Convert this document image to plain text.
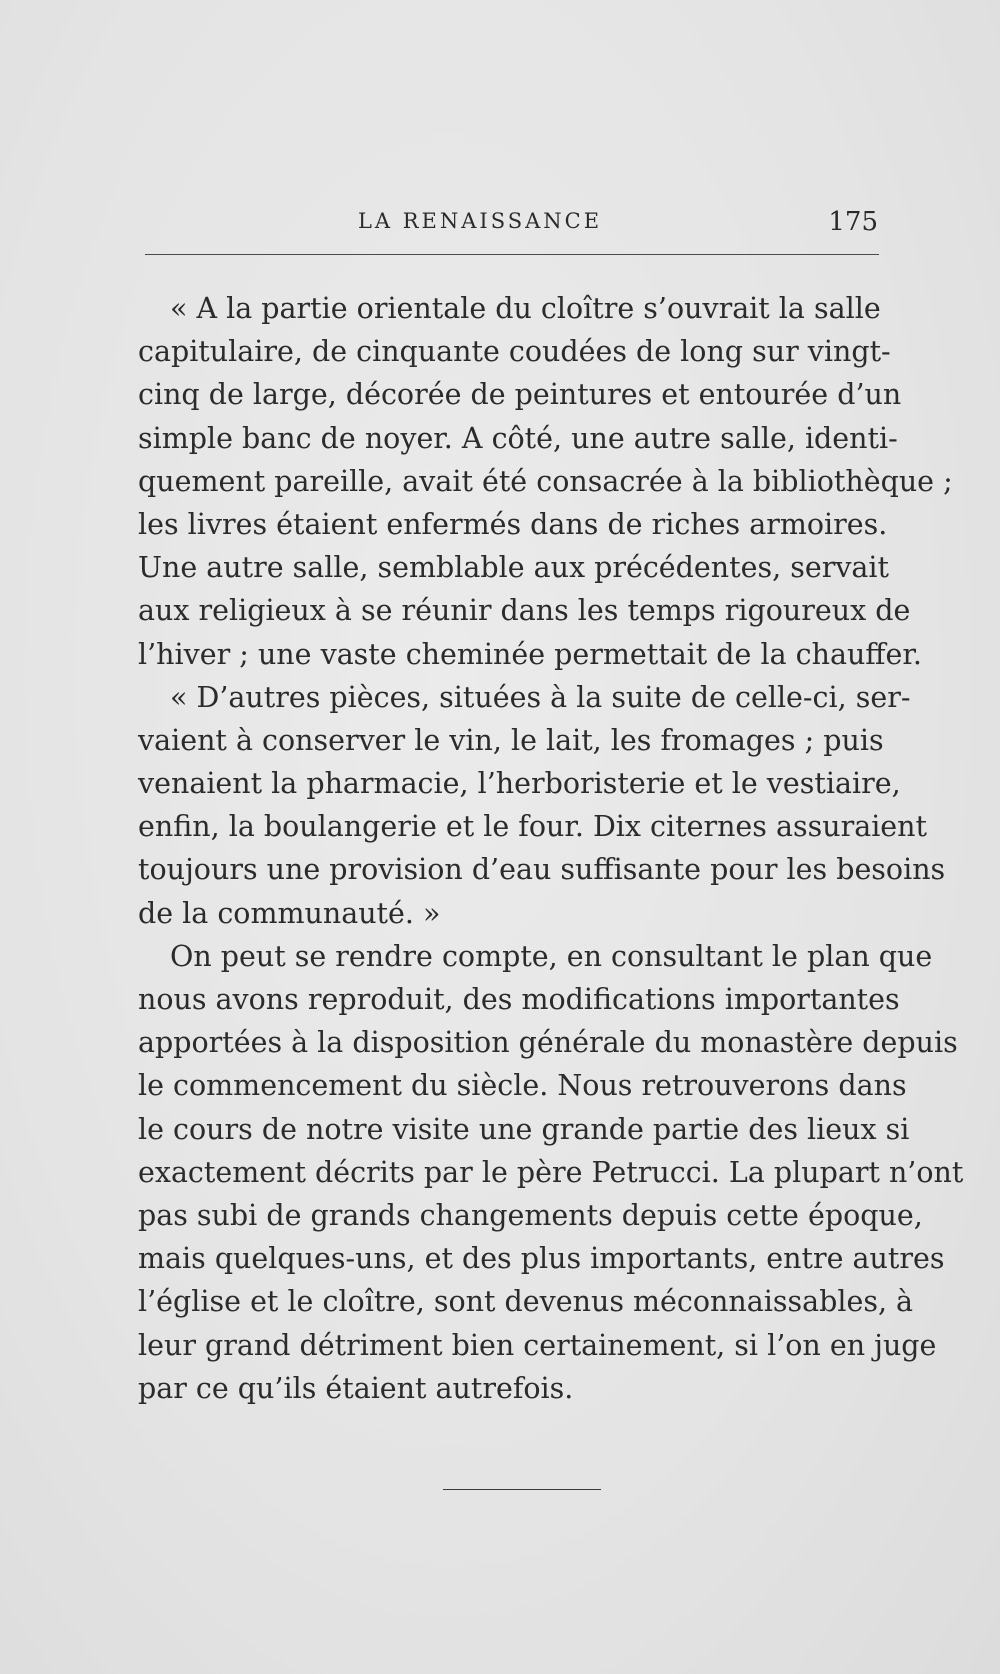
LA RENAISSANCE	175
« A la partie orientale du cloître s’ouvrait la salle
capitulaire, de cinquante coudées de long sur vingt-
cinq de large, décorée de peintures et entourée d’un
simple banc de noyer. A côté, une autre salle, identi-
quement pareille, avait été consacrée à la bibliothèque ;
les livres étaient enfermés dans de riches armoires.
Une autre salle, semblable aux précédentes, servait
aux religieux à se réunir dans les temps rigoureux de
l’hiver ; une vaste cheminée permettait de la chauffer.
« D’autres pièces, situées à la suite de celle-ci, ser-
vaient à conserver le vin, le lait, les fromages ; puis
venaient la pharmacie, l’herboristerie et le vestiaire,
enfin, la boulangerie et le four. Dix citernes assuraient
toujours une provision d’eau suffisante pour les besoins
de la communauté. »
On peut se rendre compte, en consultant le plan que
nous avons reproduit, des modifications importantes
apportées à la disposition générale du monastère depuis
le commencement du siècle. Nous retrouverons dans
le cours de notre visite une grande partie des lieux si
exactement décrits par le père Petrucci. La plupart n’ont
pas subi de grands changements depuis cette époque,
mais quelques-uns, et des plus importants, entre autres
l’église et le cloître, sont devenus méconnaissables, à
leur grand détriment bien certainement, si l’on en juge
par ce qu’ils étaient autrefois.
